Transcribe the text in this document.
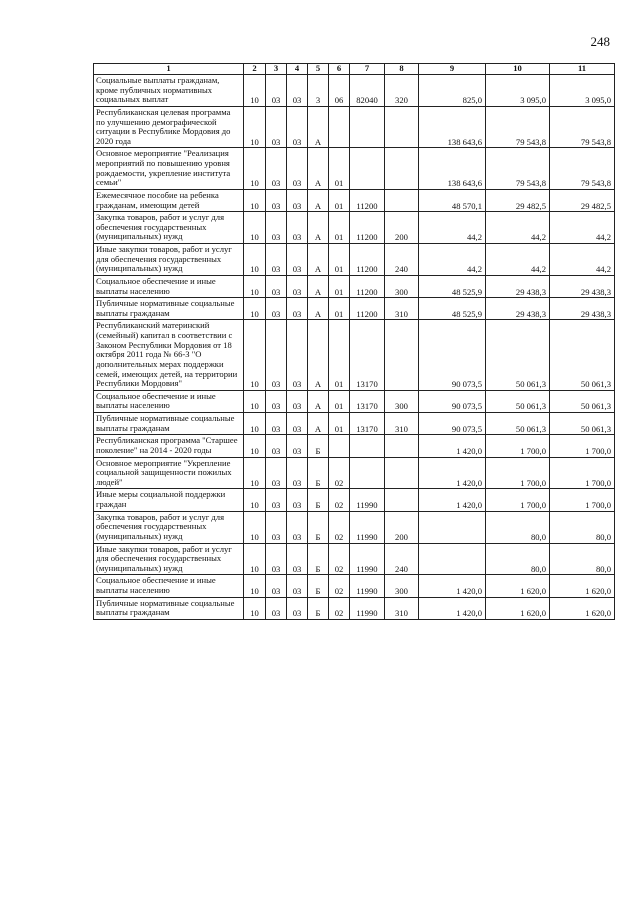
248
1	2	3	4	5	6	7	8	9	10	11
Социальные выплаты гражданам, кроме публичных нормативных социальных выплат	10	03	03	3	06	82040	320	825,0	3 095,0	3 095,0
Республиканская целевая программа по улучшению демографической ситуации в Республике Мордовия до 2020 года	10	03	03	А				138 643,6	79 543,8	79 543,8
Основное мероприятие "Реализация мероприятий по повышению уровня рождаемости, укрепление института семьи"	10	03	03	А	01			138 643,6	79 543,8	79 543,8
Ежемесячное пособие на ребенка гражданам, имеющим детей	10	03	03	А	01	11200		48 570,1	29 482,5	29 482,5
Закупка товаров, работ и услуг для обеспечения государственных (муниципальных) нужд	10	03	03	А	01	11200	200	44,2	44,2	44,2
Иные закупки товаров, работ и услуг для обеспечения государственных (муниципальных) нужд	10	03	03	А	01	11200	240	44,2	44,2	44,2
Социальное обеспечение и иные выплаты населению	10	03	03	А	01	11200	300	48 525,9	29 438,3	29 438,3
Публичные нормативные социальные выплаты гражданам	10	03	03	А	01	11200	310	48 525,9	29 438,3	29 438,3
Республиканский материнский (семейный) капитал в соответствии с Законом Республики Мордовия от 18 октября 2011 года № 66-З "О дополнительных мерах поддержки семей, имеющих детей, на территории Республики Мордовия"	10	03	03	А	01	13170		90 073,5	50 061,3	50 061,3
Социальное обеспечение и иные выплаты населению	10	03	03	А	01	13170	300	90 073,5	50 061,3	50 061,3
Публичные нормативные социальные выплаты гражданам	10	03	03	А	01	13170	310	90 073,5	50 061,3	50 061,3
Республиканская программа "Старшее поколение" на 2014 - 2020 годы	10	03	03	Б				1 420,0	1 700,0	1 700,0
Основное мероприятие "Укрепление социальной защищенности пожилых людей"	10	03	03	Б	02			1 420,0	1 700,0	1 700,0
Иные меры социальной поддержки граждан	10	03	03	Б	02	11990		1 420,0	1 700,0	1 700,0
Закупка товаров, работ и услуг для обеспечения государственных (муниципальных) нужд	10	03	03	Б	02	11990	200		80,0	80,0
Иные закупки товаров, работ и услуг для обеспечения государственных (муниципальных) нужд	10	03	03	Б	02	11990	240		80,0	80,0
Социальное обеспечение и иные выплаты населению	10	03	03	Б	02	11990	300	1 420,0	1 620,0	1 620,0
Публичные нормативные социальные выплаты гражданам	10	03	03	Б	02	11990	310	1 420,0	1 620,0	1 620,0
